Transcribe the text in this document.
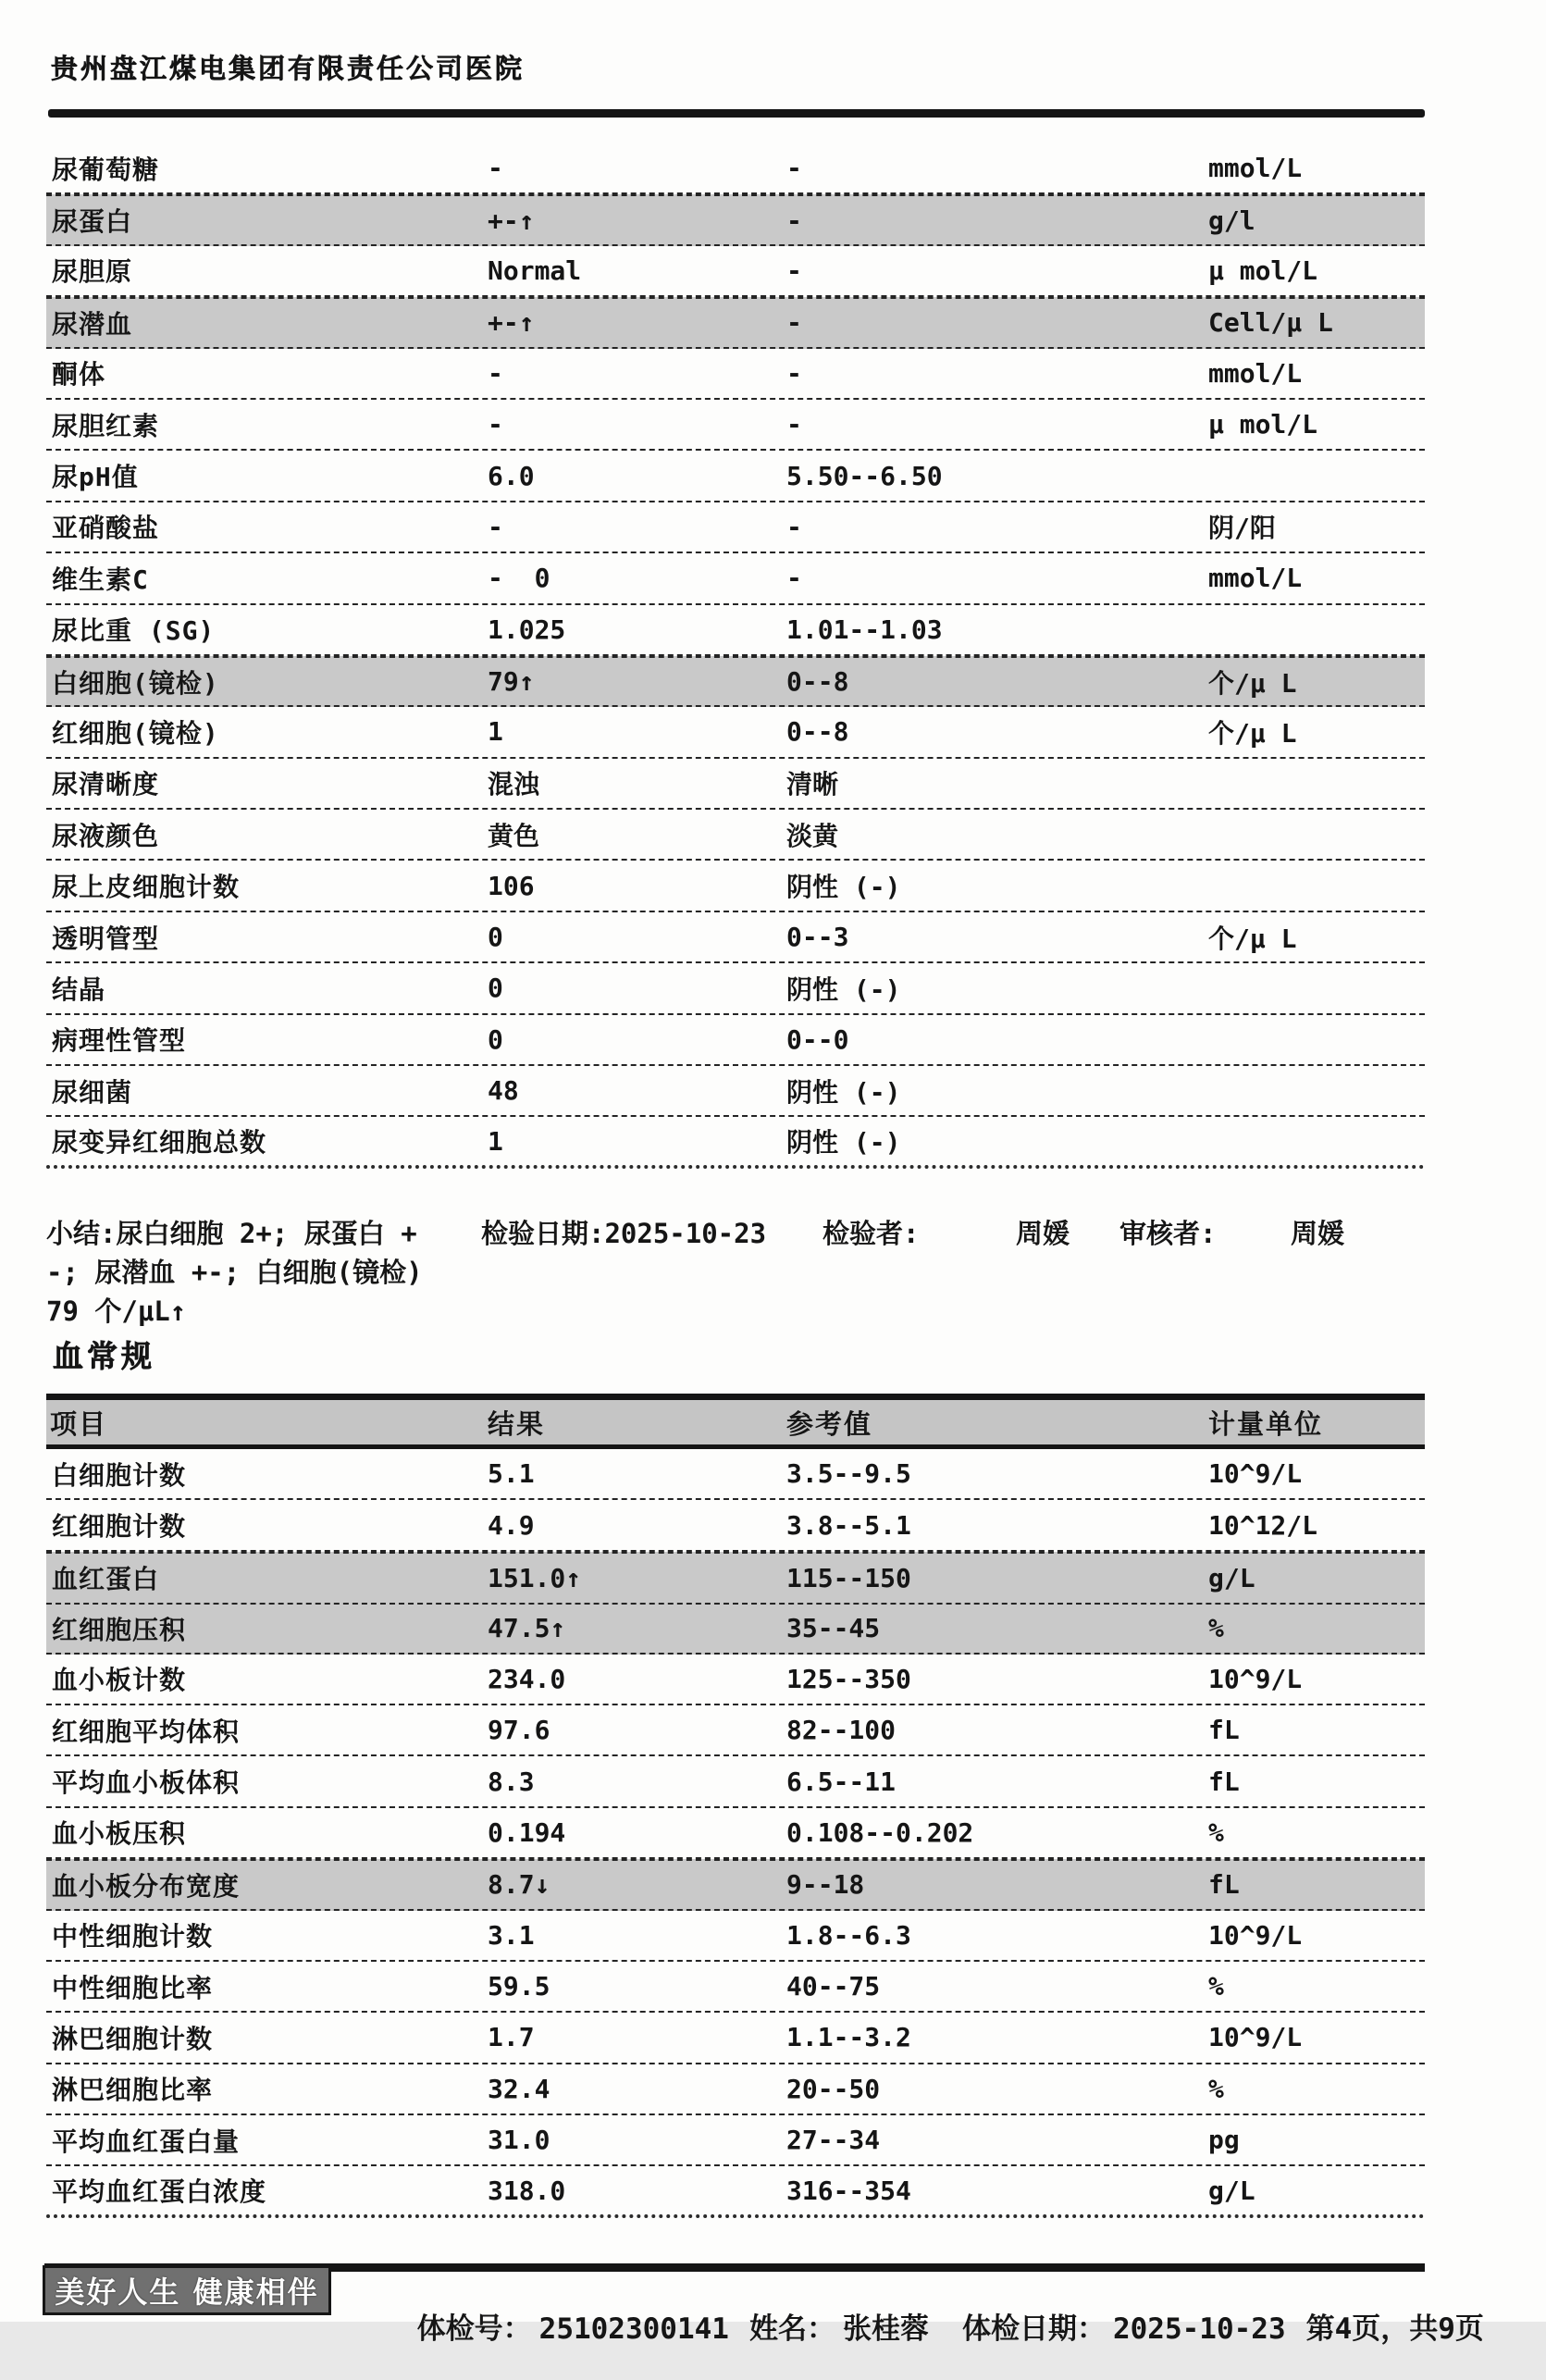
贵州盘江煤电集团有限责任公司医院
尿葡萄糖	-	-	mmol/L
尿蛋白	+-↑	-	g/l
尿胆原	Normal	-	μ mol/L
尿潜血	+-↑	-	Cell/μ L
酮体	-	-	mmol/L
尿胆红素	-	-	μ mol/L
尿pH值	6.0	5.50--6.50
亚硝酸盐	-	-	阴/阳
维生素C	-  0	-	mmol/L
尿比重 (SG)	1.025	1.01--1.03
白细胞(镜检)	79↑	0--8	个/μ L
红细胞(镜检)	1	0--8	个/μ L
尿清晰度	混浊	清晰
尿液颜色	黄色	淡黄
尿上皮细胞计数	106	阴性 (-)
透明管型	0	0--3	个/μ L
结晶	0	阴性 (-)
病理性管型	0	0--0
尿细菌	48	阴性 (-)
尿变异红细胞总数	1	阴性 (-)
小结:尿白细胞 2+; 尿蛋白 +
-; 尿潜血 +-; 白细胞(镜检)
79 个/μL↑
检验日期:2025-10-23 检验者:	周媛 审核者:	周媛
血常规
项目	结果	参考值	计量单位
白细胞计数	5.1	3.5--9.5	10^9/L
红细胞计数	4.9	3.8--5.1	10^12/L
血红蛋白	151.0↑	115--150	g/L
红细胞压积	47.5↑	35--45	%
血小板计数	234.0	125--350	10^9/L
红细胞平均体积	97.6	82--100	fL
平均血小板体积	8.3	6.5--11	fL
血小板压积	0.194	0.108--0.202	%
血小板分布宽度	8.7↓	9--18	fL
中性细胞计数	3.1	1.8--6.3	10^9/L
中性细胞比率	59.5	40--75	%
淋巴细胞计数	1.7	1.1--3.2	10^9/L
淋巴细胞比率	32.4	20--50	%
平均血红蛋白量	31.0	27--34	pg
平均血红蛋白浓度	318.0	316--354	g/L
美好人生 健康相伴

体检号： 25102300141 姓名： 张桂蓉 体检日期： 2025-10-23 第4页，共9页
